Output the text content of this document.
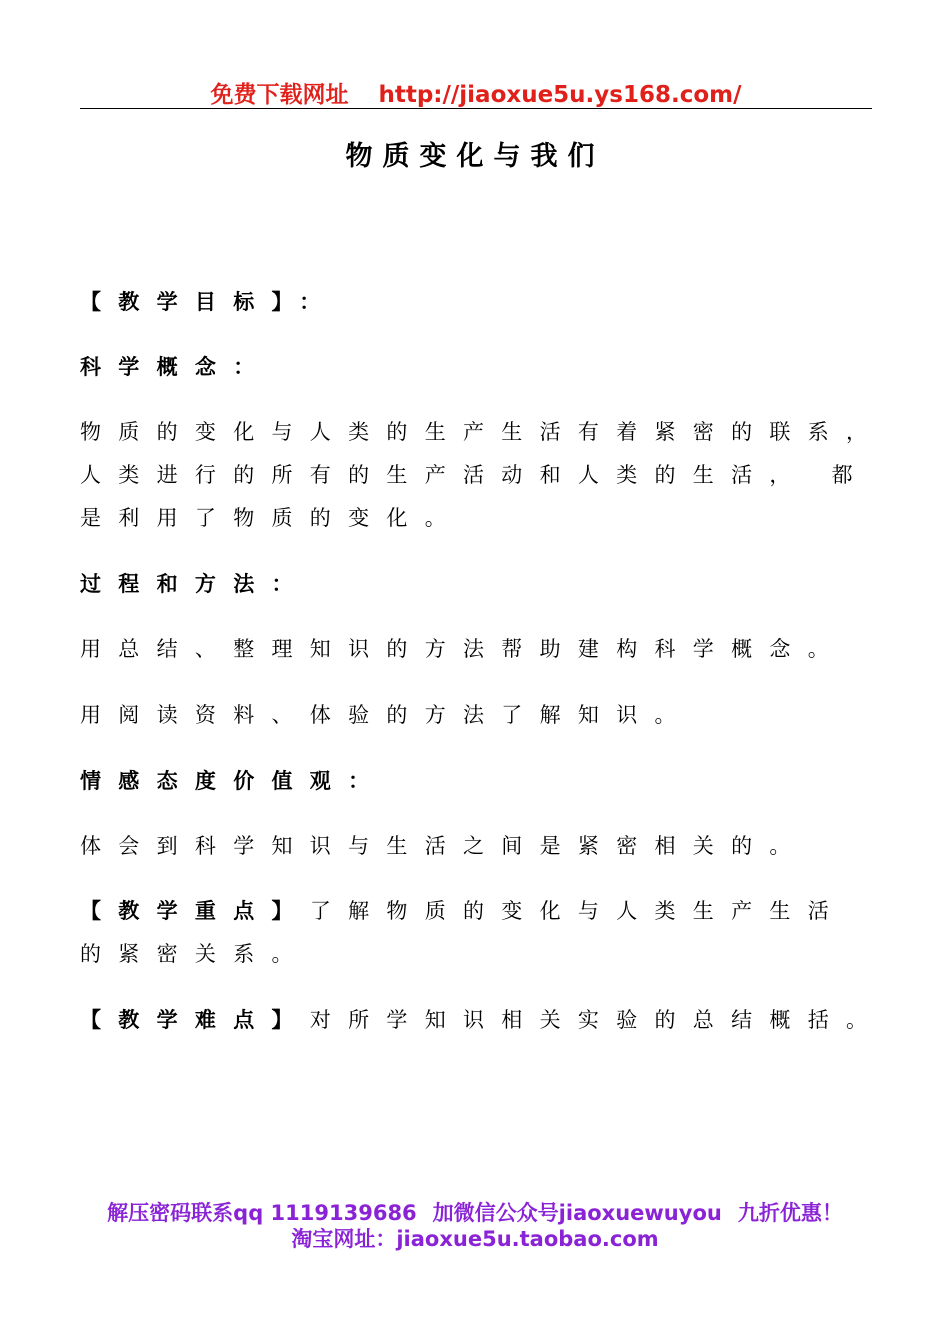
免费下载网址 http://jiaoxue5u.ys168.com/
物质变化与我们
【教学目标】：
科学概念：
物质的变化与人类的生产生活有着紧密的联系，
人类进行的所有的生产活动和人类的生活， 都
是利用了物质的变化。
过程和方法：
用总结、整理知识的方法帮助建构科学概念。
用阅读资料、体验的方法了解知识。
情感态度价值观：
体会到科学知识与生活之间是紧密相关的。
【教学重点】了解物质的变化与人类生产生活
的紧密关系。
【教学难点】对所学知识相关实验的总结概括。
解压密码联系qq 1119139686 加微信公众号jiaoxuewuyou 九折优惠！
淘宝网址：jiaoxue5u.taobao.com
